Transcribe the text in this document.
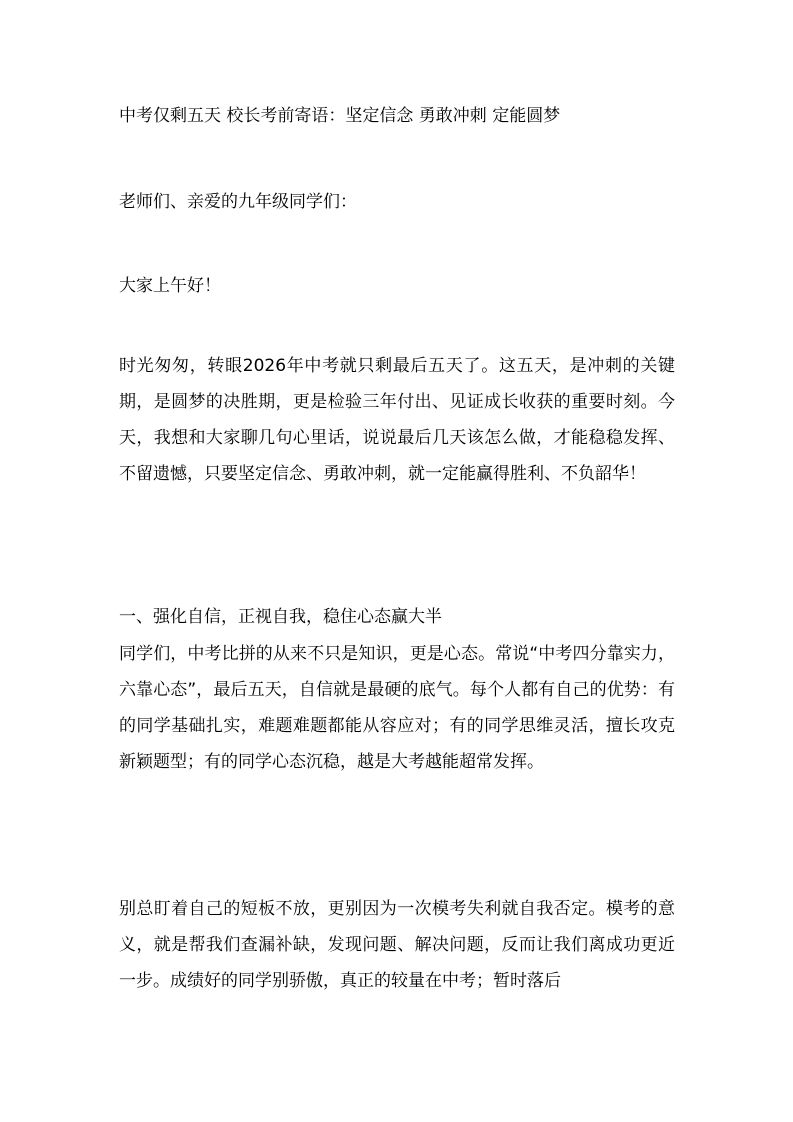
中考仅剩五天 校长考前寄语：坚定信念 勇敢冲刺 定能圆梦

老师们、亲爱的九年级同学们：

大家上午好！

时光匆匆，转眼2026年中考就只剩最后五天了。这五天，是冲刺的关键期，是圆梦的决胜期，更是检验三年付出、见证成长收获的重要时刻。今天，我想和大家聊几句心里话，说说最后几天该怎么做，才能稳稳发挥、不留遗憾，只要坚定信念、勇敢冲刺，就一定能赢得胜利、不负韶华！

一、强化自信，正视自我，稳住心态赢大半

同学们，中考比拼的从来不只是知识，更是心态。常说“中考四分靠实力，六靠心态”，最后五天，自信就是最硬的底气。每个人都有自己的优势：有的同学基础扎实，难题难题都能从容应对；有的同学思维灵活，擅长攻克新颖题型；有的同学心态沉稳，越是大考越能超常发挥。

别总盯着自己的短板不放，更别因为一次模考失利就自我否定。模考的意义，就是帮我们查漏补缺，发现问题、解决问题，反而让我们离成功更近一步。成绩好的同学别骄傲，真正的较量在中考；暂时落后
